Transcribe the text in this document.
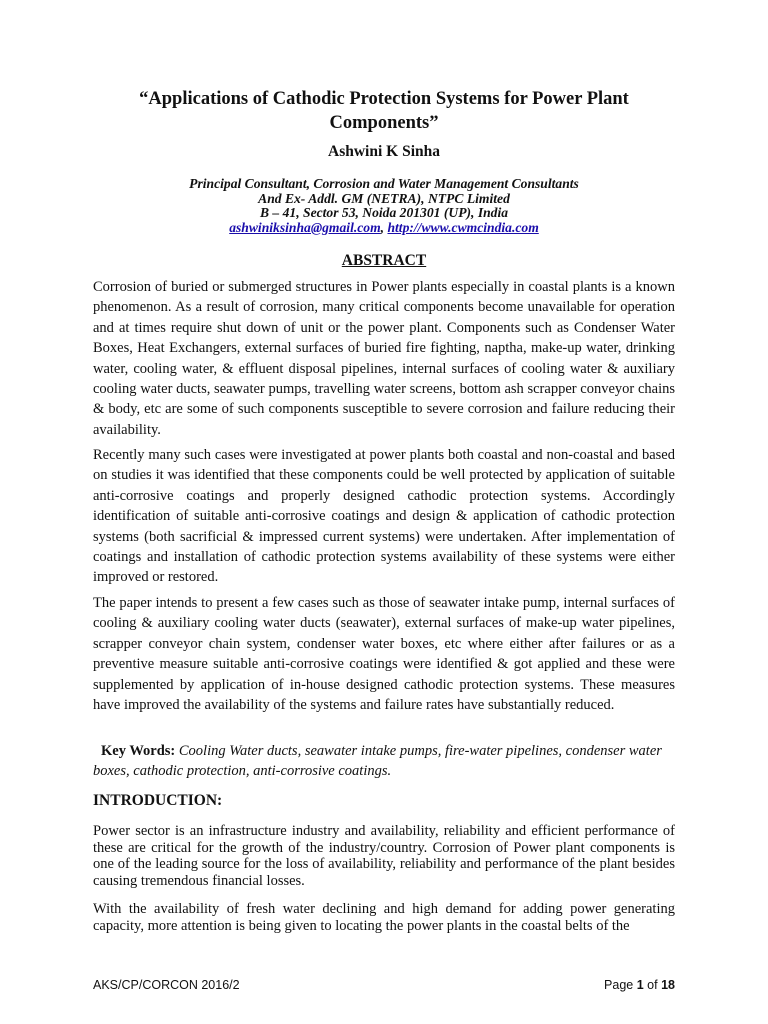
“Applications of Cathodic Protection Systems for Power Plant Components”
Ashwini K Sinha
Principal Consultant, Corrosion and Water Management Consultants
And Ex- Addl. GM (NETRA), NTPC Limited
B – 41, Sector 53, Noida 201301 (UP), India
ashwiniksinha@gmail.com, http://www.cwmcindia.com
ABSTRACT

Corrosion of buried or submerged structures in Power plants especially in coastal plants is a known phenomenon. As a result of corrosion, many critical components become unavailable for operation and at times require shut down of unit or the power plant. Components such as Condenser Water Boxes, Heat Exchangers, external surfaces of buried fire fighting, naptha, make-up water, drinking water, cooling water, & effluent disposal pipelines, internal surfaces of cooling water & auxiliary cooling water ducts, seawater pumps, travelling water screens, bottom ash scrapper conveyor chains & body, etc are some of such components susceptible to severe corrosion and failure reducing their availability.

Recently many such cases were investigated at power plants both coastal and non-coastal and based on studies it was identified that these components could be well protected by application of suitable anti-corrosive coatings and properly designed cathodic protection systems. Accordingly identification of suitable anti-corrosive coatings and design & application of cathodic protection systems (both sacrificial & impressed current systems) were undertaken. After implementation of coatings and installation of cathodic protection systems availability of these systems were either improved or restored.

The paper intends to present a few cases such as those of seawater intake pump, internal surfaces of cooling & auxiliary cooling water ducts (seawater), external surfaces of make-up water pipelines, scrapper conveyor chain system, condenser water boxes, etc where either after failures or as a preventive measure suitable anti-corrosive coatings were identified & got applied and these were supplemented by application of in-house designed cathodic protection systems. These measures have improved the availability of the systems and failure rates have substantially reduced.

Key Words: Cooling Water ducts, seawater intake pumps, fire-water pipelines, condenser water boxes, cathodic protection, anti-corrosive coatings.

INTRODUCTION:

Power sector is an infrastructure industry and availability, reliability and efficient performance of these are critical for the growth of the industry/country. Corrosion of Power plant components is one of the leading source for the loss of availability, reliability and performance of the plant besides causing tremendous financial losses.

With the availability of fresh water declining and high demand for adding power generating capacity, more attention is being given to locating the power plants in the coastal belts of the

AKS/CP/CORCON 2016/2	Page 1 of 18
